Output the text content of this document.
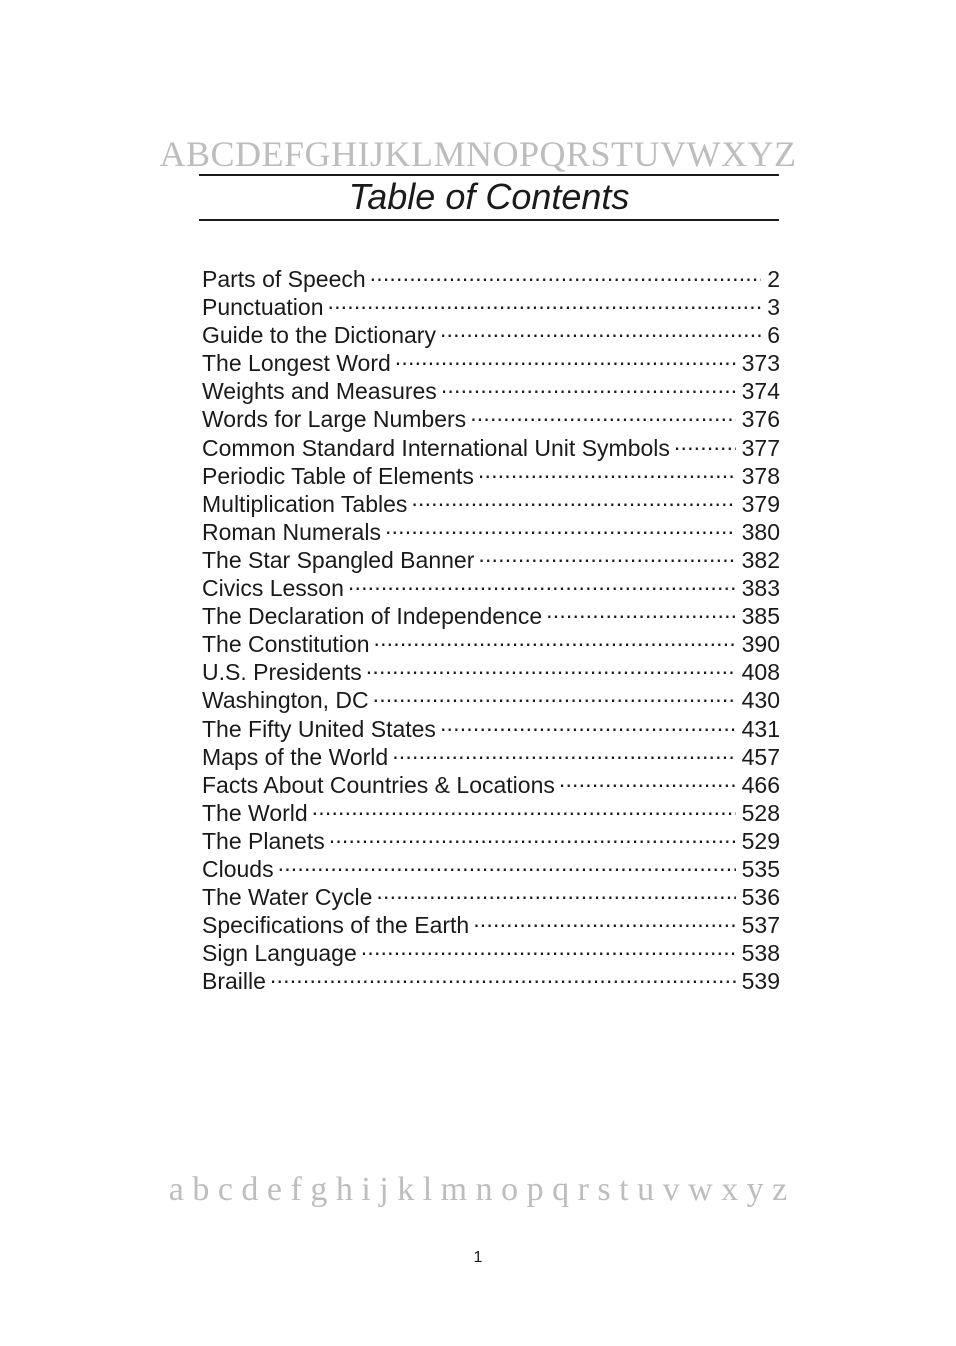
ABCDEFGHIJKLMNOPQRSTUVWXYZ
Table of Contents
Parts of Speech .....	2
Punctuation .....	3
Guide to the Dictionary .....	6
The Longest Word .....	373
Weights and Measures .....	374
Words for Large Numbers .....	376
Common Standard International Unit Symbols .....	377
Periodic Table of Elements .....	378
Multiplication Tables .....	379
Roman Numerals .....	380
The Star Spangled Banner .....	382
Civics Lesson .....	383
The Declaration of Independence .....	385
The Constitution .....	390
U.S. Presidents .....	408
Washington, DC .....	430
The Fifty United States .....	431
Maps of the World .....	457
Facts About Countries & Locations .....	466
The World .....	528
The Planets .....	529
Clouds .....	535
The Water Cycle .....	536
Specifications of the Earth .....	537
Sign Language .....	538
Braille .....	539
a b c d e f g h i j k l m n o p q r s t u v w x y z
1
